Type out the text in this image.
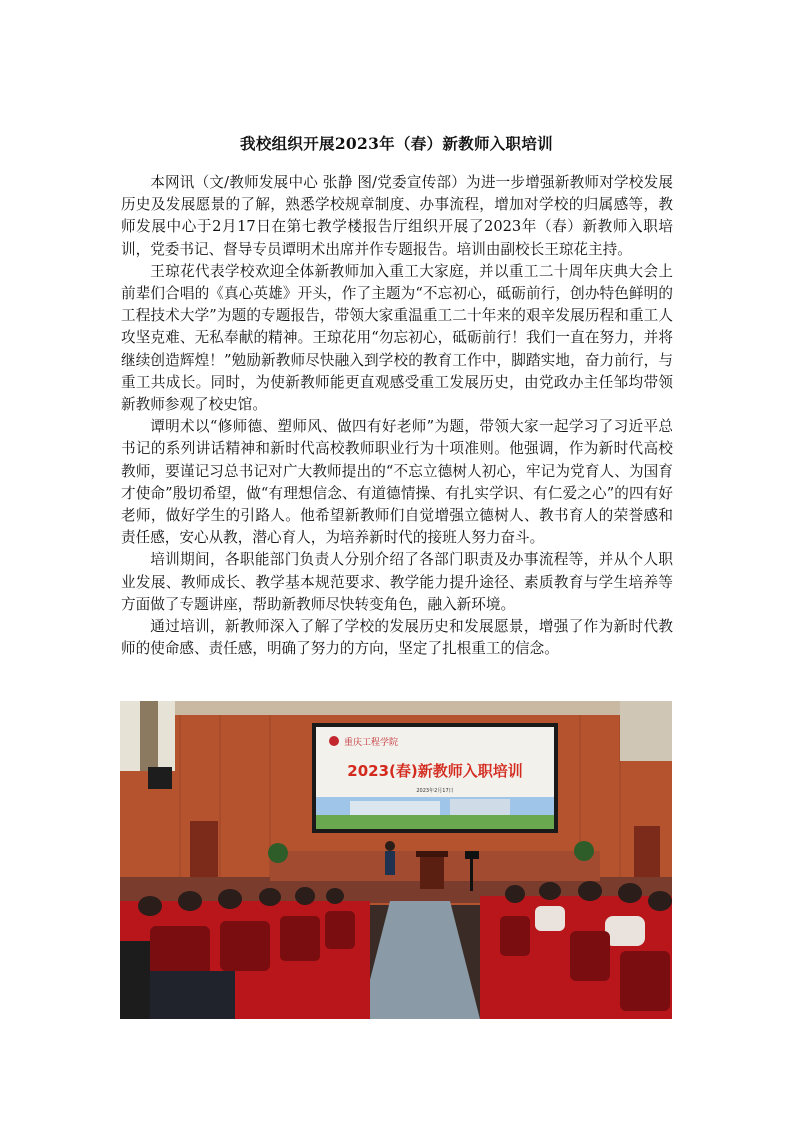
我校组织开展2023年（春）新教师入职培训

本网讯（文/教师发展中心 张静 图/党委宣传部）为进一步增强新教师对学校发展历史及发展愿景的了解，熟悉学校规章制度、办事流程，增加对学校的归属感等，教师发展中心于2月17日在第七教学楼报告厅组织开展了2023年（春）新教师入职培训，党委书记、督导专员谭明术出席并作专题报告。培训由副校长王琼花主持。

王琼花代表学校欢迎全体新教师加入重工大家庭，并以重工二十周年庆典大会上前辈们合唱的《真心英雄》开头，作了主题为“不忘初心，砥砺前行，创办特色鲜明的工程技术大学”为题的专题报告，带领大家重温重工二十年来的艰辛发展历程和重工人攻坚克难、无私奉献的精神。王琼花用“勿忘初心，砥砺前行！我们一直在努力，并将继续创造辉煌！”勉励新教师尽快融入到学校的教育工作中，脚踏实地，奋力前行，与重工共成长。同时，为使新教师能更直观感受重工发展历史，由党政办主任邹均带领新教师参观了校史馆。

谭明术以“修师德、塑师风、做四有好老师”为题，带领大家一起学习了习近平总书记的系列讲话精神和新时代高校教师职业行为十项准则。他强调，作为新时代高校教师，要谨记习总书记对广大教师提出的“不忘立德树人初心，牢记为党育人、为国育才使命”殷切希望，做“有理想信念、有道德情操、有扎实学识、有仁爱之心”的四有好老师，做好学生的引路人。他希望新教师们自觉增强立德树人、教书育人的荣誉感和责任感，安心从教，潜心育人，为培养新时代的接班人努力奋斗。

培训期间，各职能部门负责人分别介绍了各部门职责及办事流程等，并从个人职业发展、教师成长、教学基本规范要求、教学能力提升途径、素质教育与学生培养等方面做了专题讲座，帮助新教师尽快转变角色，融入新环境。

通过培训，新教师深入了解了学校的发展历史和发展愿景，增强了作为新时代教师的使命感、责任感，明确了努力的方向，坚定了扎根重工的信念。

重庆工程学院
2023(春)新教师入职培训
2023年2月17日
